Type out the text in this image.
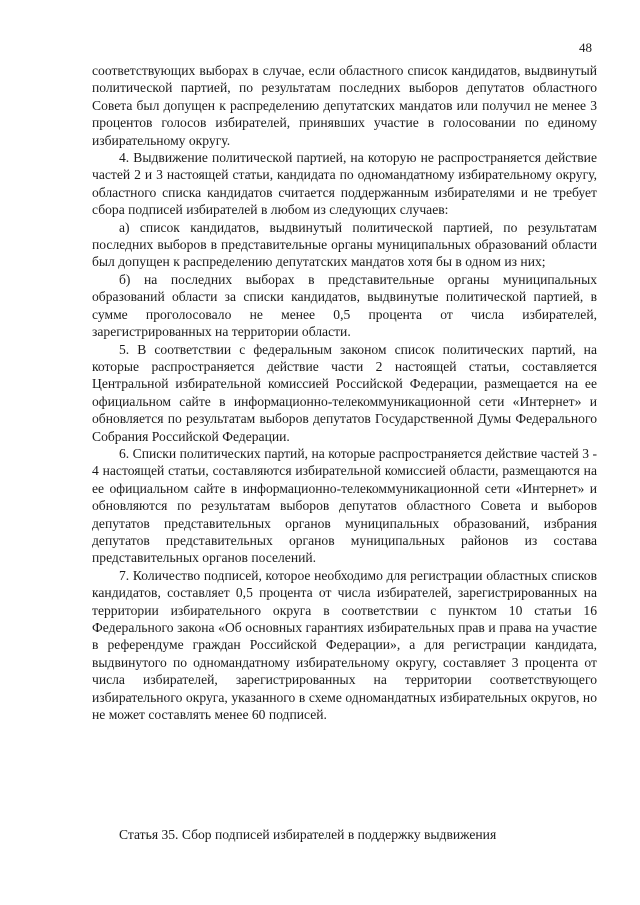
48

соответствующих выборах в случае, если областного список кандидатов, выдвинутый политической партией, по результатам последних выборов депутатов областного Совета был допущен к распределению депутатских мандатов или получил не менее 3 процентов голосов избирателей, принявших участие в голосовании по единому избирательному округу.

4. Выдвижение политической партией, на которую не распространяется действие частей 2 и 3 настоящей статьи, кандидата по одномандатному избирательному округу, областного списка кандидатов считается поддержанным избирателями и не требует сбора подписей избирателей в любом из следующих случаев:

а) список кандидатов, выдвинутый политической партией, по результатам последних выборов в представительные органы муниципальных образований области был допущен к распределению депутатских мандатов хотя бы в одном из них;

б) на последних выборах в представительные органы муниципальных образований области за списки кандидатов, выдвинутые политической партией, в сумме проголосовало не менее 0,5 процента от числа избирателей, зарегистрированных на территории области.

5. В соответствии с федеральным законом список политических партий, на которые распространяется действие части 2 настоящей статьи, составляется Центральной избирательной комиссией Российской Федерации, размещается на ее официальном сайте в информационно-телекоммуникационной сети «Интернет» и обновляется по результатам выборов депутатов Государственной Думы Федерального Собрания Российской Федерации.

6. Списки политических партий, на которые распространяется действие частей 3 - 4 настоящей статьи, составляются избирательной комиссией области, размещаются на ее официальном сайте в информационно-телекоммуникационной сети «Интернет» и обновляются по результатам выборов депутатов областного Совета и выборов депутатов представительных органов муниципальных образований, избрания депутатов представительных органов муниципальных районов из состава представительных органов поселений.

7. Количество подписей, которое необходимо для регистрации областных списков кандидатов, составляет 0,5 процента от числа избирателей, зарегистрированных на территории избирательного округа в соответствии с пунктом 10 статьи 16 Федерального закона «Об основных гарантиях избирательных прав и права на участие в референдуме граждан Российской Федерации», а для регистрации кандидата, выдвинутого по одномандатному избирательному округу, составляет 3 процента от числа избирателей, зарегистрированных на территории соответствующего избирательного округа, указанного в схеме одномандатных избирательных округов, но не может составлять менее 60 подписей.

Статья 35. Сбор подписей избирателей в поддержку выдвижения
